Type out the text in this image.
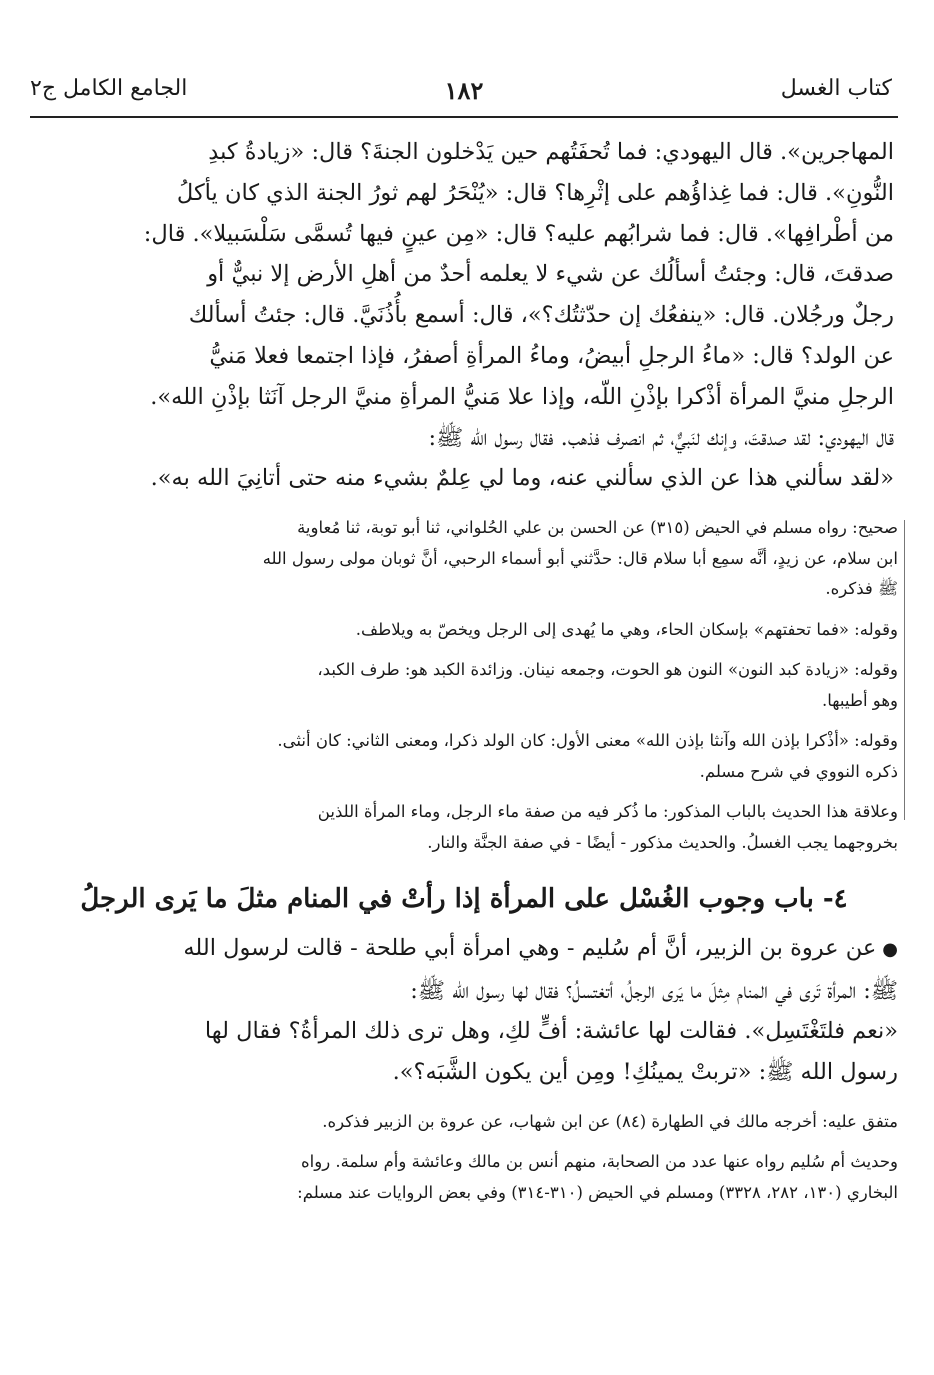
كتاب الغسل
١٨٢
الجامع الكامل ج٢

المهاجرين». قال اليهودي: فما تُحفَتُهم حين يَدْخلون الجنةَ؟ قال: «زيادةُ كبدِ

النُّونِ». قال: فما غِذاؤُهم على إثْرِها؟ قال: «يُنْحَرُ لهم ثورُ الجنة الذي كان يأكلُ

من أطْرافِها». قال: فما شرابُهم عليه؟ قال: «مِن عينٍ فيها تُسمَّى سَلْسَبيلا». قال:

صدقتَ، قال: وجئتُ أسألُك عن شيء لا يعلمه أحدٌ من أهلِ الأرض إلا نبيٌّ أو

رجلٌ ورجُلان. قال: «ينفعُك إن حدّثتُك؟»، قال: أسمع بأُذُنَيَّ. قال: جئتُ أسألك

عن الولد؟ قال: «ماءُ الرجلِ أبيضُ، وماءُ المرأةِ أصفرُ، فإذا اجتمعا فعلا مَنيُّ

الرجلِ منيَّ المرأة أذْكرا بإذْنِ اللّه، وإذا علا مَنيُّ المرأةِ منيَّ الرجل آنَثا بإذْنِ الله».

قال اليهودي: لقد صدقتَ، وإنك لنَبيٌّ، ثم انصرف فذهب. فقال رسول الله ﷺ:

«لقد سألني هذا عن الذي سألني عنه، وما لي عِلمٌ بشيء منه حتى أتانِيَ الله به».

صحيح: رواه مسلم في الحيض (٣١٥) عن الحسن بن علي الحُلواني، ثنا أبو توبة، ثنا مُعاوية

ابن سلام، عن زيدٍ، أنَّه سمِع أبا سلام قال: حدَّثني أبو أسماء الرحبي، أنَّ ثوبان مولى رسول الله

ﷺ فذكره.

وقوله: «فما تحفتهم» بإسكان الحاء، وهي ما يُهدى إلى الرجل ويخصّ به ويلاطف.

وقوله: «زيادة كبد النون» النون هو الحوت، وجمعه نينان. وزائدة الكبد هو: طرف الكبد،

وهو أطيبها.

وقوله: «أذْكرا بإذن الله وآنثا بإذن الله» معنى الأول: كان الولد ذكرا، ومعنى الثاني: كان أنثى.

ذكره النووي في شرح مسلم.

وعلاقة هذا الحديث بالباب المذكور: ما ذُكر فيه من صفة ماء الرجل، وماء المرأة اللذين

بخروجهما يجب الغسلُ. والحديث مذكور - أيضًا - في صفة الجنَّة والنار.

٤- باب وجوب الغُسْل على المرأة إذا رأتْ في المنام مثلَ ما يَرى الرجلُ

●عن عروة بن الزبير، أنَّ أم سُليم - وهي امرأة أبي طلحة - قالت لرسول الله

ﷺ: المرأة تَرى في المنام مِثلَ ما يَرى الرجلُ، أتغتسلُ؟ فقال لها رسول الله ﷺ:

«نعم فلتَغْتَسِل». فقالت لها عائشة: أفٍّ لكِ، وهل ترى ذلك المرأةُ؟ فقال لها

رسول الله ﷺ: «تربتْ يمينُكِ! ومِن أين يكون الشَّبَه؟».

متفق عليه: أخرجه مالك في الطهارة (٨٤) عن ابن شهاب، عن عروة بن الزبير فذكره.

وحديث أم سُليم رواه عنها عدد من الصحابة، منهم أنس بن مالك وعائشة وأم سلمة. رواه

البخاري (١٣٠، ٢٨٢، ٣٣٢٨) ومسلم في الحيض (٣١٠-٣١٤) وفي بعض الروايات عند مسلم:
